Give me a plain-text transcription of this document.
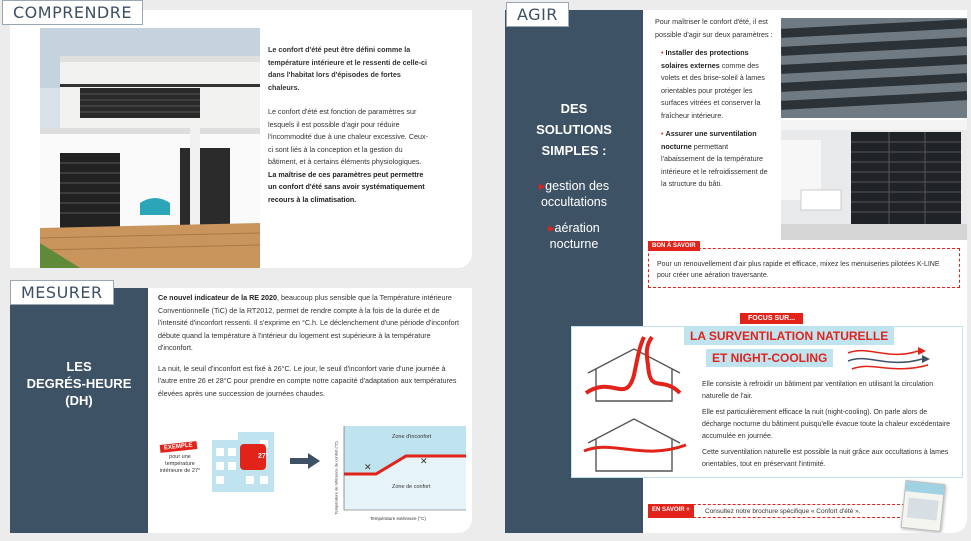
Le confort d'été peut être défini comme la température intérieure et le ressenti de celle-ci dans l'habitat lors d'épisodes de fortes chaleurs.

Le confort d'été est fonction de paramètres sur lesquels il est possible d'agir pour réduire l'incommodité due à une chaleur excessive. Ceux-ci sont liés à la conception et la gestion du bâtiment, et à certains éléments physiologiques. La maîtrise de ces paramètres peut permettre un confort d'été sans avoir systématiquement recours à la climatisation.

COMPRENDRE
LES
DEGRÉS-HEURE
(DH)

Ce nouvel indicateur de la RE 2020, beaucoup plus sensible que la Température intérieure Conventionnelle (TiC) de la RT2012, permet de rendre compte à la fois de la durée et de l'intensité d'inconfort ressenti. Il s'exprime en °C.h. Le déclenchement d'une période d'inconfort débute quand la température à l'intérieur du logement est supérieure à la température d'inconfort.

La nuit, le seuil d'inconfort est fixé à 26°C. Le jour, le seuil d'inconfort varie d'une journée à l'autre entre 26 et 28°C pour prendre en compte notre capacité d'adaptation aux températures élevées après une succession de journées chaudes.

EXEMPLE
pour une température intérieure de 27°
27°
✕
✕
Zone d'inconfort
Zone de confort
Température extérieure (°C)
Température de référence de confort (°C)
MESURER
DES
SOLUTIONS
SIMPLES :
▸gestion des occultations
▸aération nocturne

Pour maîtriser le confort d'été, il est possible d'agir sur deux paramètres :

• Installer des protections solaires externes comme des volets et des brise-soleil à lames orientables pour protéger les surfaces vitrées et conserver la fraîcheur intérieure.

• Assurer une surventilation nocturne permettant l'abaissement de la température intérieure et le refroidissement de la structure du bâti.

BON À SAVOIR
Pour un renouvellement d'air plus rapide et efficace, mixez les menuiseries pilotées K-LINE pour créer une aération traversante.
FOCUS SUR...
LA SURVENTILATION NATURELLE
ET NIGHT-COOLING

Elle consiste à refroidir un bâtiment par ventilation en utilisant la circulation naturelle de l'air.

Elle est particulièrement efficace la nuit (night-cooling). On parle alors de décharge nocturne du bâtiment puisqu'elle évacue toute la chaleur excédentaire accumulée en journée.

Cette surventilation naturelle est possible la nuit grâce aux occultations à lames orientables, tout en préservant l'intimité.

EN SAVOIR +	Consultez notre brochure spécifique « Confort d'été ».
AGIR
